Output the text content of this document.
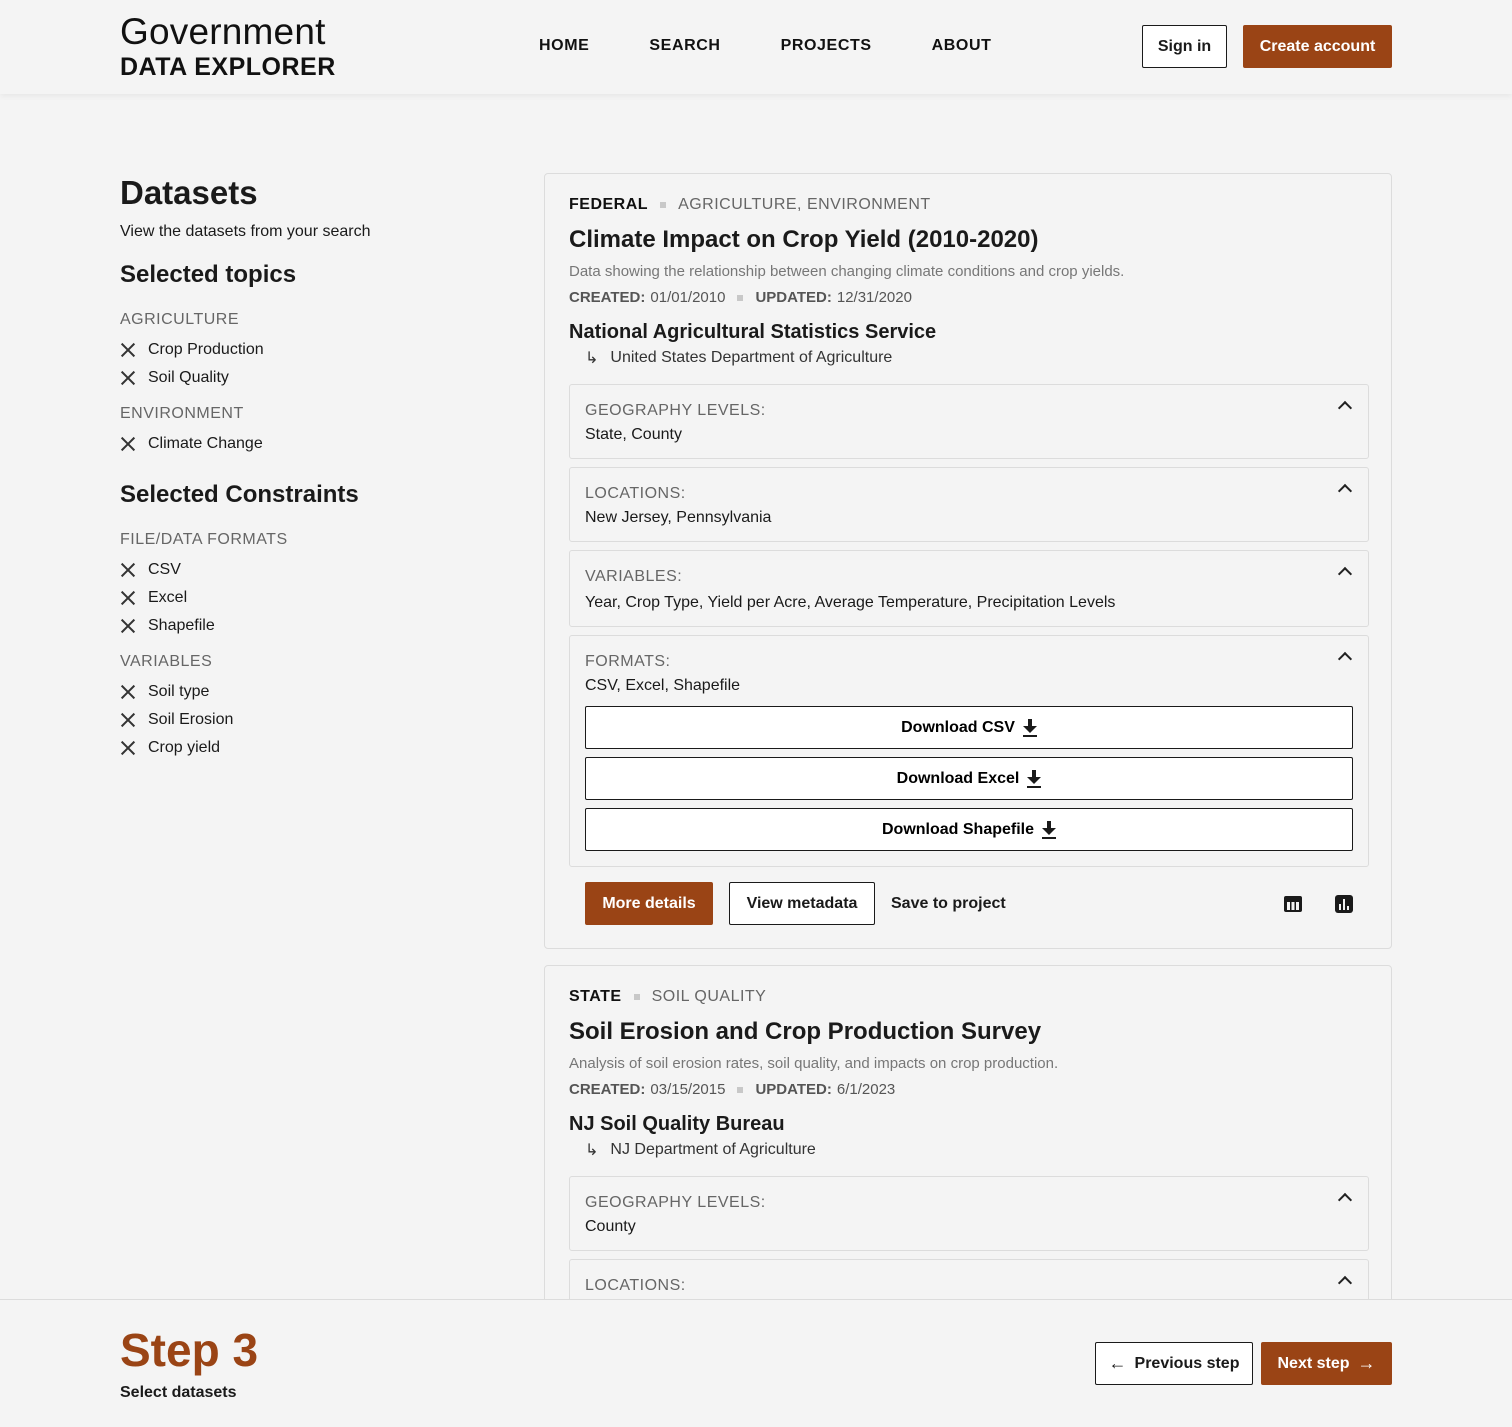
Government
DATA EXPLORER
HOME	SEARCH	PROJECTS	ABOUT	Sign in	Create account
Datasets

View the datasets from your search

Selected topics
AGRICULTURE
Crop Production
Soil Quality
ENVIRONMENT
Climate Change
Selected Constraints
FILE/DATA FORMATS
CSV
Excel
Shapefile
VARIABLES
Soil type
Soil Erosion
Crop yield
FEDERAL AGRICULTURE, ENVIRONMENT
Climate Impact on Crop Yield (2010-2020)

Data showing the relationship between changing climate conditions and crop yields.

CREATED: 01/01/2010 UPDATED: 12/31/2020
National Agricultural Statistics Service
↳ United States Department of Agriculture
GEOGRAPHY LEVELS:
State, County
LOCATIONS:
New Jersey, Pennsylvania
VARIABLES:
Year, Crop Type, Yield per Acre, Average Temperature, Precipitation Levels
FORMATS:
CSV, Excel, Shapefile
Download CSV
Download Excel
Download Shapefile
More details	View metadata	Save to project
STATE SOIL QUALITY
Soil Erosion and Crop Production Survey

Analysis of soil erosion rates, soil quality, and impacts on crop production.

CREATED: 03/15/2015 UPDATED: 6/1/2023
NJ Soil Quality Bureau
↳ NJ Department of Agriculture
GEOGRAPHY LEVELS:
County
LOCATIONS:
Step 3
Select datasets
← Previous step Next step →
